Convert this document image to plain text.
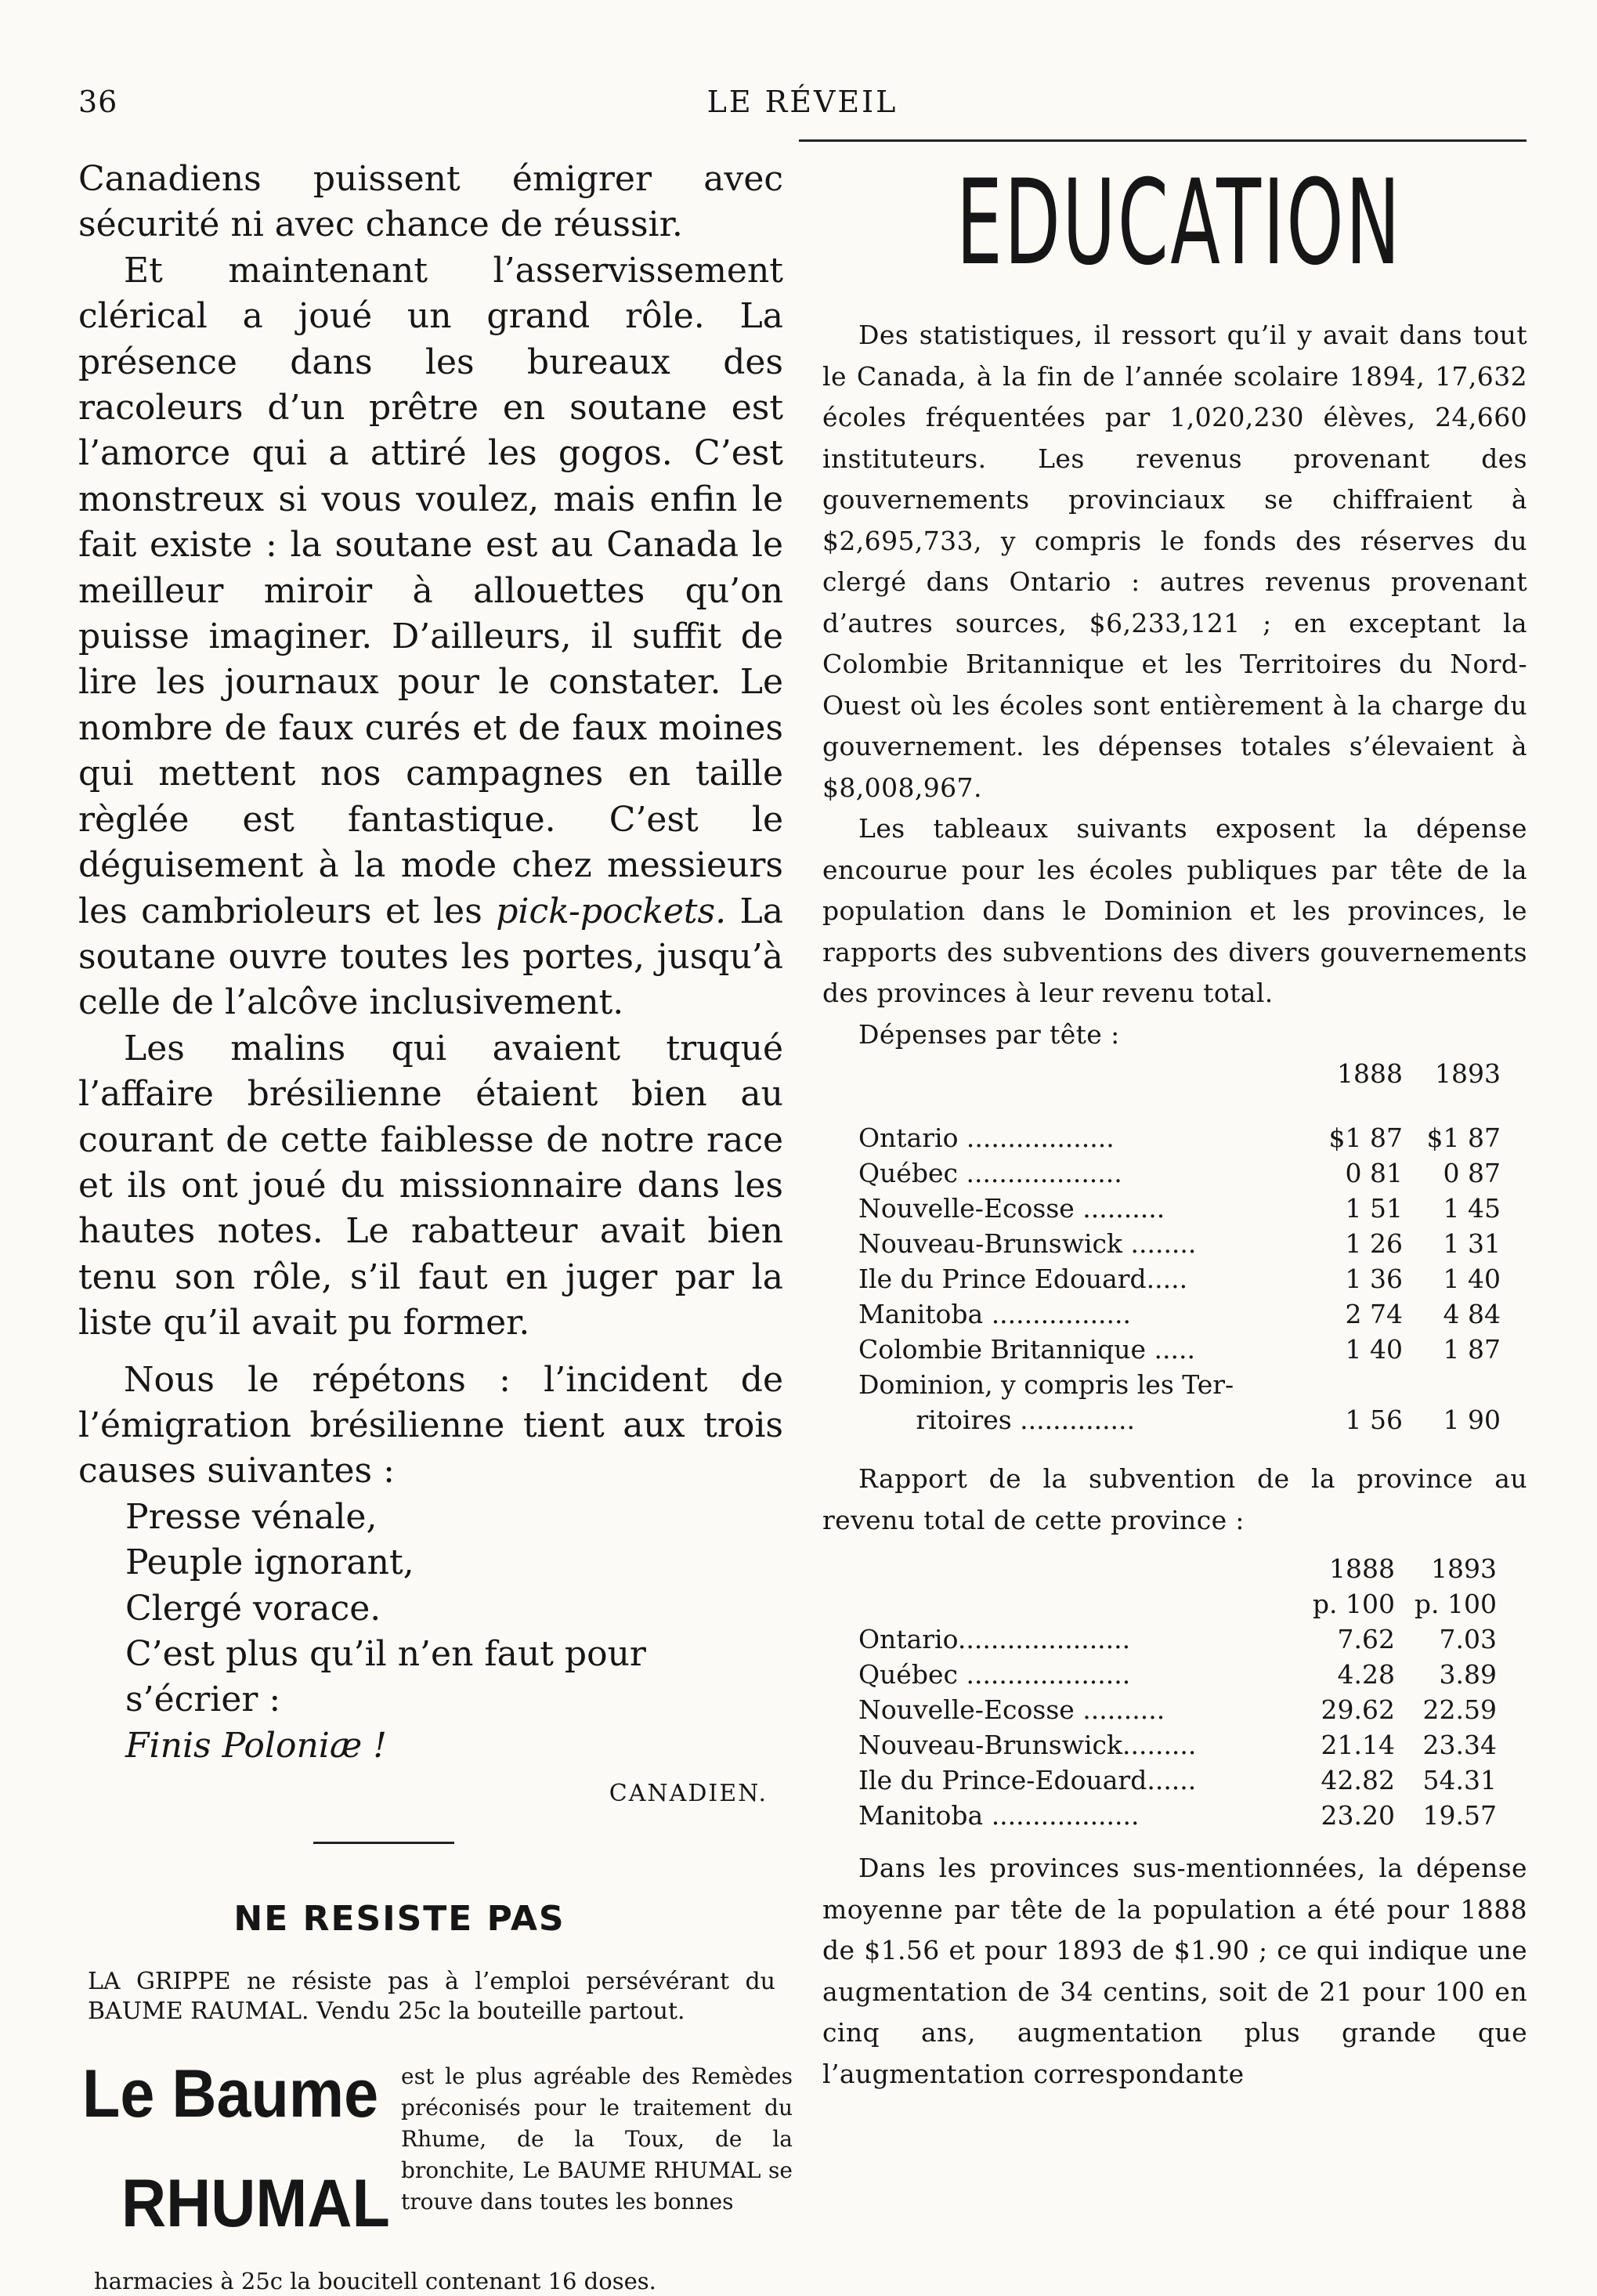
36	LE RÉVEIL

Canadiens puissent émigrer avec sécurité ni avec chance de réussir.

Et maintenant l’asservissement clérical a joué un grand rôle. La présence dans les bureaux des racoleurs d’un prêtre en soutane est l’amorce qui a attiré les gogos. C’est monstreux si vous voulez, mais enfin le fait existe : la soutane est au Canada le meilleur miroir à allouettes qu’on puisse imaginer. D’ailleurs, il suffit de lire les journaux pour le constater. Le nombre de faux curés et de faux moines qui mettent nos campagnes en taille règlée est fantastique. C’est le déguisement à la mode chez messieurs les cambrioleurs et les pick-pockets. La soutane ouvre toutes les portes, jusqu’à celle de l’alcôve inclusivement.

Les malins qui avaient truqué l’affaire brésilienne étaient bien au courant de cette faiblesse de notre race et ils ont joué du missionnaire dans les hautes notes. Le rabatteur avait bien tenu son rôle, s’il faut en juger par la liste qu’il avait pu former.

Nous le répétons : l’incident de l’émigration brésilienne tient aux trois causes suivantes :

Presse vénale,
Peuple ignorant,
Clergé vorace.
C’est plus qu’il n’en faut pour s’écrier :
Finis Poloniæ !
CANADIEN.
NE RESISTE PAS
LA GRIPPE ne résiste pas à l’emploi persévérant du BAUME RAUMAL. Vendu 25c la bouteille partout.
Le Baume
RHUMAL
est le plus agréable des Remèdes préconisés pour le traitement du Rhume, de la Toux, de la bronchite, Le BAUME RHUMAL se trouve dans toutes les bonnes
harmacies à 25c la boucitell contenant 16 doses.
EDUCATION

Des statistiques, il ressort qu’il y avait dans tout le Canada, à la fin de l’année scolaire 1894, 17,632 écoles fréquentées par 1,020,230 élèves, 24,660 instituteurs. Les revenus provenant des gouvernements provinciaux se chiffraient à $2,695,733, y compris le fonds des réserves du clergé dans Ontario : autres revenus provenant d’autres sources, $6,233,121 ; en exceptant la Colombie Britannique et les Territoires du Nord-Ouest où les écoles sont entièrement à la charge du gouvernement. les dépenses totales s’élevaient à $8,008,967.

Les tableaux suivants exposent la dépense encourue pour les écoles publiques par tête de la population dans le Dominion et les provinces, le rapports des subventions des divers gouvernements des provinces à leur revenu total.

Dépenses par tête :

	1888	1893
Ontario ..................	$1 87	$1 87
Québec ...................	0 81	0 87
Nouvelle-Ecosse ..........	1 51	1 45
Nouveau-Brunswick ........	1 26	1 31
Ile du Prince Edouard.....	1 36	1 40
Manitoba .................	2 74	4 84
Colombie Britannique .....	1 40	1 87
Dominion, y compris les Ter-		
ritoires ..............	1 56	1 90

Rapport de la subvention de la province au revenu total de cette province :

	1888	1893
	p. 100	p. 100
Ontario.....................	7.62	7.03
Québec ....................	4.28	3.89
Nouvelle-Ecosse ..........	29.62	22.59
Nouveau-Brunswick.........	21.14	23.34
Ile du Prince-Edouard......	42.82	54.31
Manitoba ..................	23.20	19.57

Dans les provinces sus-mentionnées, la dépense moyenne par tête de la population a été pour 1888 de $1.56 et pour 1893 de $1.90 ; ce qui indique une augmentation de 34 centins, soit de 21 pour 100 en cinq ans, augmentation plus grande que l’augmentation correspondante
